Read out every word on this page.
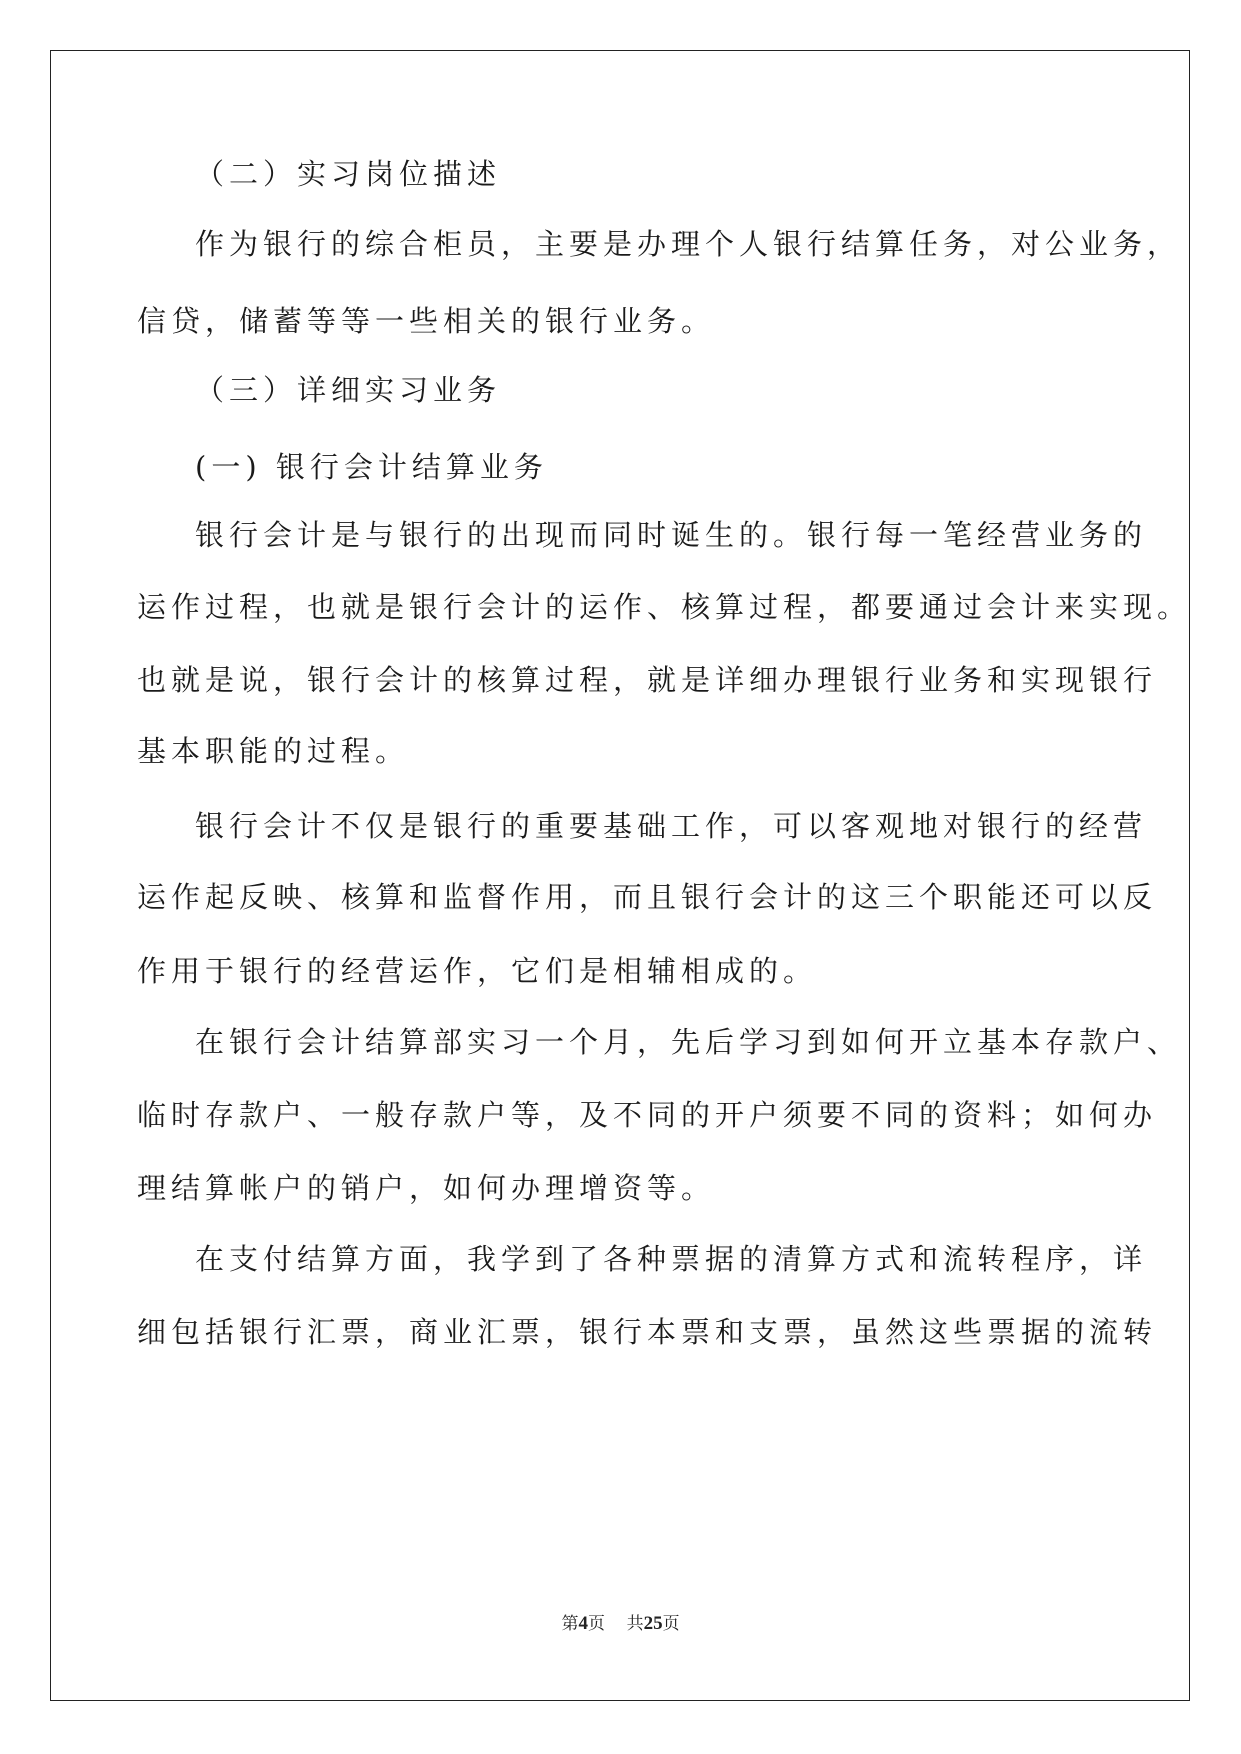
（二）实习岗位描述
作为银行的综合柜员，主要是办理个人银行结算任务，对公业务，
信贷，储蓄等等一些相关的银行业务。
（三）详细实习业务
(一) 银行会计结算业务
银行会计是与银行的出现而同时诞生的。银行每一笔经营业务的
运作过程，也就是银行会计的运作、核算过程，都要通过会计来实现。
也就是说，银行会计的核算过程，就是详细办理银行业务和实现银行
基本职能的过程。
银行会计不仅是银行的重要基础工作，可以客观地对银行的经营
运作起反映、核算和监督作用，而且银行会计的这三个职能还可以反
作用于银行的经营运作，它们是相辅相成的。
在银行会计结算部实习一个月，先后学习到如何开立基本存款户、
临时存款户、一般存款户等，及不同的开户须要不同的资料；如何办
理结算帐户的销户，如何办理增资等。
在支付结算方面，我学到了各种票据的清算方式和流转程序，详
细包括银行汇票，商业汇票，银行本票和支票，虽然这些票据的流转
第4页 共25页
